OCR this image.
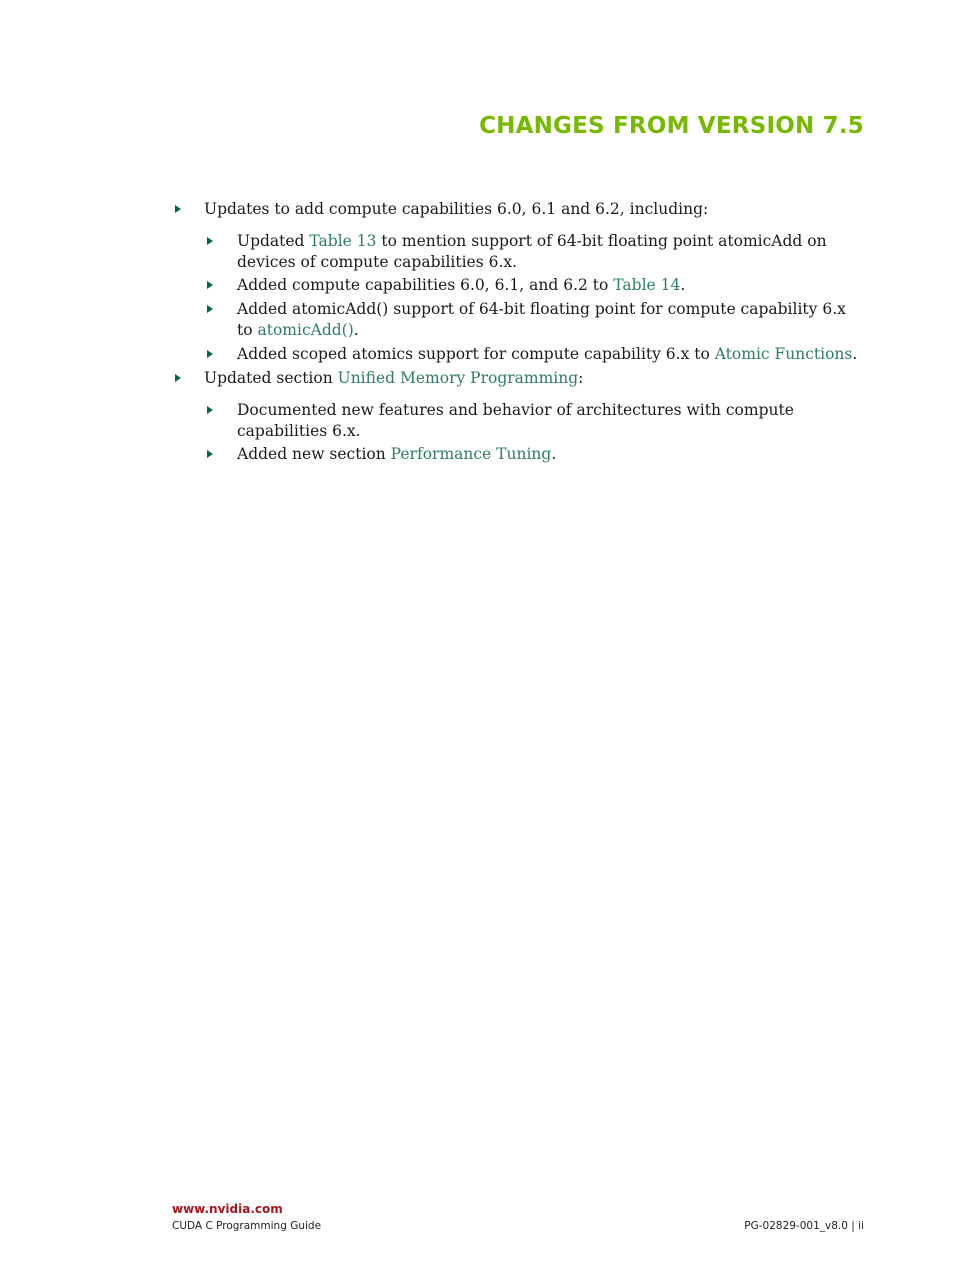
CHANGES FROM VERSION 7.5
Updates to add compute capabilities 6.0, 6.1 and 6.2, including:
Updated Table 13 to mention support of 64-bit floating point atomicAdd on
devices of compute capabilities 6.x.
Added compute capabilities 6.0, 6.1, and 6.2 to Table 14.
Added atomicAdd() support of 64-bit floating point for compute capability 6.x
to atomicAdd().
Added scoped atomics support for compute capability 6.x to Atomic Functions.
Updated section Unified Memory Programming:
Documented new features and behavior of architectures with compute
capabilities 6.x.
Added new section Performance Tuning.
www.nvidia.com
CUDA C Programming Guide	PG-02829-001_v8.0 | ii
